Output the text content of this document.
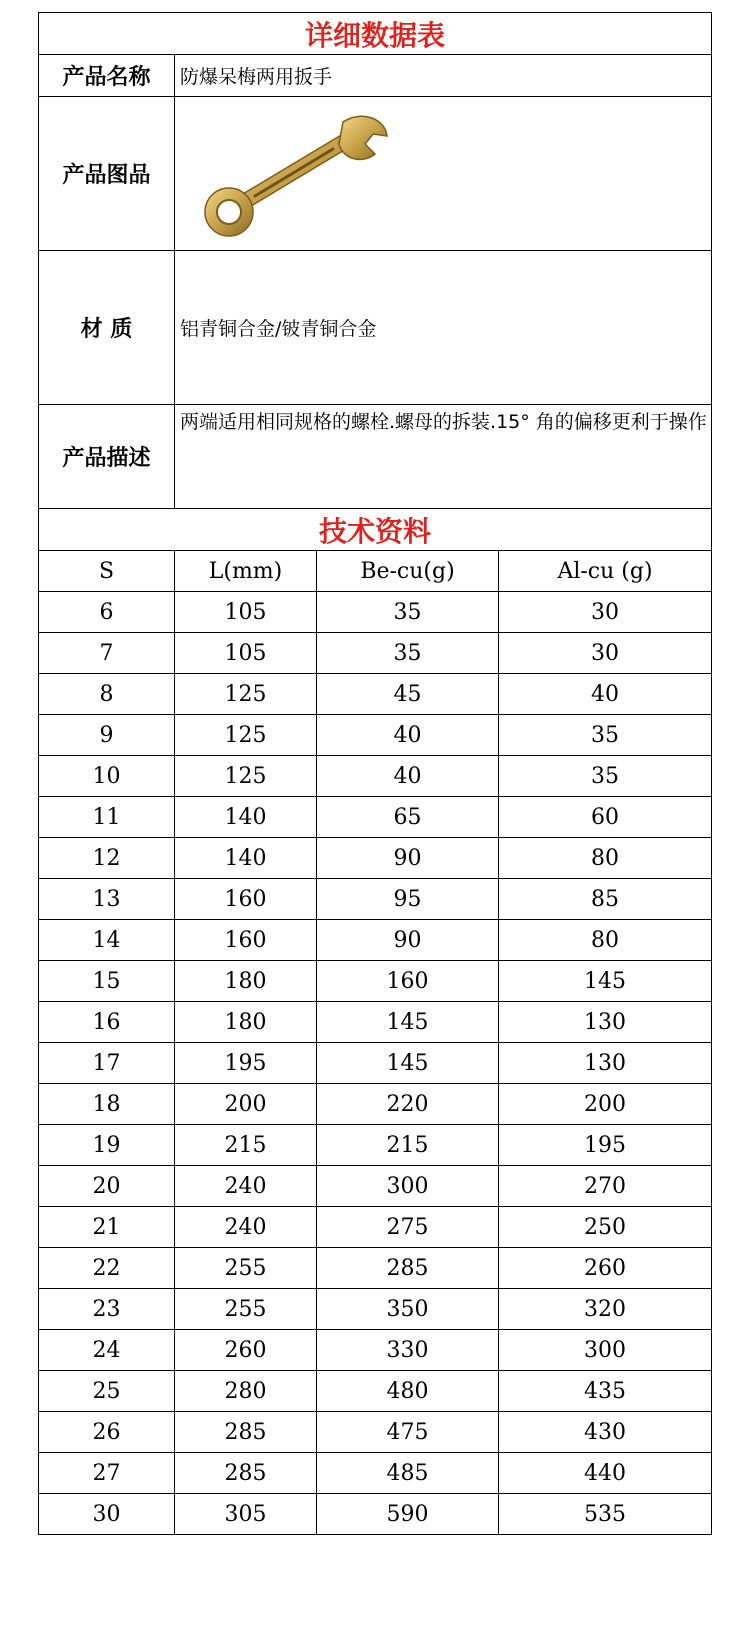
详细数据表			
产品名称	防爆呆梅两用扳手		
产品图品	

材 质	铝青铜合金/铍青铜合金		
产品描述	两端适用相同规格的螺栓.螺母的拆装.15° 角的偏移更利于操作		
技术资料			
S	L(mm)	Be-cu(g)	Al-cu (g)
6	105	35	30
7	105	35	30
8	125	45	40
9	125	40	35
10	125	40	35
11	140	65	60
12	140	90	80
13	160	95	85
14	160	90	80
15	180	160	145
16	180	145	130
17	195	145	130
18	200	220	200
19	215	215	195
20	240	300	270
21	240	275	250
22	255	285	260
23	255	350	320
24	260	330	300
25	280	480	435
26	285	475	430
27	285	485	440
30	305	590	535
